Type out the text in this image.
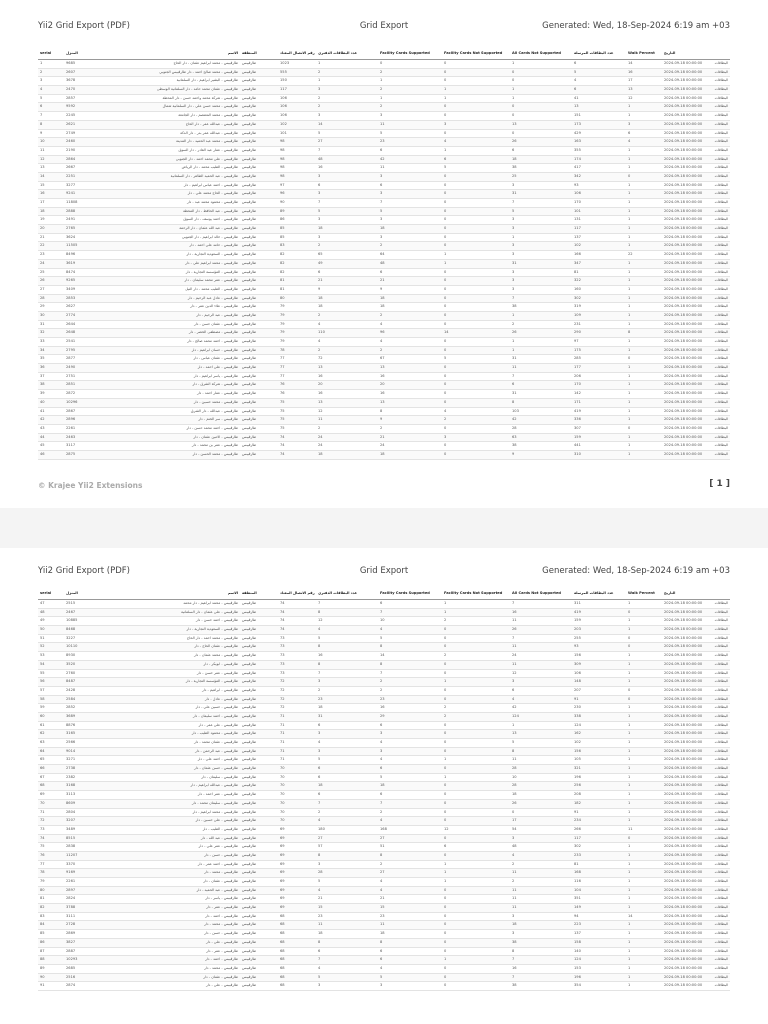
Yii2 Grid Export (PDF)	Grid Export	Generated: Wed, 18-Sep-2024 6:19 am +03
serial	المنزل	الاسم	المنطقة	رقم الاتصال المعتاد	عدد البطاقات الدفتري	Facility Cards Supported	Facility Cards Not Supported	All Cards Not Supported	عدد البطاقات المرسلة	Walk Percent	التاريخ	
1	9685	طارقيبس - محمد ابراهيم عثمان - دار الحاج	طارقيبس	1023	1	0	0	1	6	14	2024-09-18 00:00:00	البطاقات
2	2607	طارقيبس - محمد صالح احمد - دار طارقيبس الجنوبي	طارقيبس	555	2	2	0	0	5	16	2024-09-18 00:00:00	البطاقات
3	3678	طارقيبس - البشير ابراهيم - دار السلمانية	طارقيبس	150	1	1	0	0	4	17	2024-09-18 00:00:00	البطاقات
4	2470	طارقيبس - عثمان محمد حامد - دار السلمانية الوسطى	طارقيبس	117	3	2	1	1	6	13	2024-09-18 00:00:00	البطاقات
5	2857	طارقيبس - شركة محمد واحمد حسن - دار المحطة	طارقيبس	106	2	1	1	1	41	12	2024-09-18 00:00:00	البطاقات
6	9592	طارقيبس - محمد حسن علي - دار السلمانية شمال	طارقيبس	106	2	2	0	0	13	1	2024-09-18 00:00:00	البطاقات
7	2245	طارقيبس - محمد المعتصم - دار الجامعة	طارقيبس	106	3	3	0	0	151	1	2024-09-18 00:00:00	البطاقات
8	2621	طارقيبس - عبدالله عمر - دار الحاج	طارقيبس	102	14	11	3	13	173	3	2024-09-18 00:00:00	البطاقات
9	2749	طارقيبس - عبدالله عمر بدر - دار الدكة	طارقيبس	101	5	5	0	0	429	6	2024-09-18 00:00:00	البطاقات
10	2460	طارقيبس - محمد عبد الحميد - دار المدينة	طارقيبس	98	27	23	4	26	163	4	2024-09-18 00:00:00	البطاقات
11	2190	طارقيبس - عمار عبد القادر - دار السوق	طارقيبس	98	7	6	1	6	355	1	2024-09-18 00:00:00	البطاقات
12	2864	طارقيبس - علي محمد احمد - دار الجنوبي	طارقيبس	98	48	42	6	18	174	1	2024-09-18 00:00:00	البطاقات
13	2667	طارقيبس - الطيب محمد - دار الرياض	طارقيبس	98	16	11	5	38	417	1	2024-09-18 00:00:00	البطاقات
14	2251	طارقيبس - عبد الحميد الطاهر - دار السلمانية	طارقيبس	98	3	3	0	25	342	0	2024-09-18 00:00:00	البطاقات
15	3277	طارقيبس - احمد عباس ابراهيم - دار	طارقيبس	97	6	6	0	3	93	1	2024-09-18 00:00:00	البطاقات
16	9241	طارقيبس - الحاج محمد علي - دار	طارقيبس	96	3	3	0	31	106	1	2024-09-18 00:00:00	البطاقات
17	11808	طارقيبس - محمود محمد عبد - دار	طارقيبس	90	7	7	0	7	170	1	2024-09-18 00:00:00	البطاقات
18	2888	طارقيبس - عبد الحافظ - دار المحطة	طارقيبس	89	5	5	0	5	101	1	2024-09-18 00:00:00	البطاقات
19	2491	طارقيبس - احمد يوسف - دار السوق	طارقيبس	86	3	3	0	3	131	1	2024-09-18 00:00:00	البطاقات
20	2765	طارقيبس - عبد الله عثمان - دار الرحمة	طارقيبس	85	18	18	0	3	117	1	2024-09-18 00:00:00	البطاقات
21	3624	طارقيبس - خالد ابراهيم - دار الجنوبي	طارقيبس	85	3	3	0	1	137	1	2024-09-18 00:00:00	البطاقات
22	11505	طارقيبس - حامد علي احمد - دار	طارقيبس	83	2	2	0	3	102	1	2024-09-18 00:00:00	البطاقات
23	8496	طارقيبس - السعودية التجارية - دار	طارقيبس	82	65	64	1	3	166	22	2024-09-18 00:00:00	البطاقات
24	3619	طارقيبس - محمد ابراهيم علي - دار	طارقيبس	82	49	48	1	31	347	1	2024-09-18 00:00:00	البطاقات
25	8474	طارقيبس - المؤسسة التجارية - دار	طارقيبس	82	6	6	0	3	81	1	2024-09-18 00:00:00	البطاقات
26	9265	طارقيبس - عمر محمد سليمان - دار	طارقيبس	81	21	21	0	3	322	1	2024-09-18 00:00:00	البطاقات
27	3409	طارقيبس - الطيب محمد - دار النيل	طارقيبس	81	9	9	0	3	160	1	2024-09-18 00:00:00	البطاقات
28	2853	طارقيبس - عادل عبد الرحيم - دار	طارقيبس	80	18	18	0	7	302	1	2024-09-18 00:00:00	البطاقات
29	2627	طارقيبس - علاء الدين عمر - دار	طارقيبس	79	18	18	0	38	319	1	2024-09-18 00:00:00	البطاقات
30	2774	طارقيبس - عبد الرحيم - دار	طارقيبس	79	2	2	0	1	109	1	2024-09-18 00:00:00	البطاقات
31	2644	طارقيبس - عثمان حسن - دار	طارقيبس	79	4	4	0	2	231	1	2024-09-18 00:00:00	البطاقات
32	2648	طارقيبس - مصطفى الخضر - دار	طارقيبس	79	110	96	14	26	290	8	2024-09-18 00:00:00	البطاقات
33	2541	طارقيبس - احمد محمد صالح - دار	طارقيبس	79	4	4	0	1	97	1	2024-09-18 00:00:00	البطاقات
34	2795	طارقيبس - حسان ابراهيم - دار	طارقيبس	78	2	2	0	1	175	1	2024-09-18 00:00:00	البطاقات
35	2877	طارقيبس - عثمان عباس - دار	طارقيبس	77	72	67	5	31	285	0	2024-09-18 00:00:00	البطاقات
36	2490	طارقيبس - علي احمد - دار	طارقيبس	77	13	13	0	11	177	1	2024-09-18 00:00:00	البطاقات
37	2751	طارقيبس - ياسر ابراهيم - دار	طارقيبس	77	16	16	0	7	206	1	2024-09-18 00:00:00	البطاقات
38	2851	طارقيبس - شركة الشرق - دار	طارقيبس	76	20	20	0	6	170	1	2024-09-18 00:00:00	البطاقات
39	2872	طارقيبس - عمار احمد - دار	طارقيبس	76	16	16	0	31	142	1	2024-09-18 00:00:00	البطاقات
40	10296	طارقيبس - محمد حسين - دار	طارقيبس	75	13	13	0	8	171	1	2024-09-18 00:00:00	البطاقات
41	2867	طارقيبس - عبدالله - دار الشرق	طارقيبس	75	12	8	4	103	419	1	2024-09-18 00:00:00	البطاقات
42	2896	طارقيبس - سر الختم - دار	طارقيبس	75	11	9	2	42	336	1	2024-09-18 00:00:00	البطاقات
43	2261	طارقيبس - احمد محمد حسن - دار	طارقيبس	75	2	2	0	28	307	0	2024-09-18 00:00:00	البطاقات
44	2463	طارقيبس - الامين عثمان - دار	طارقيبس	74	24	21	3	63	159	1	2024-09-18 00:00:00	البطاقات
45	3117	طارقيبس - عمر بن محمد - دار	طارقيبس	74	24	24	0	38	441	1	2024-09-18 00:00:00	البطاقات
46	2875	طارقيبس - محمد الحسن - دار	طارقيبس	74	18	18	0	9	310	1	2024-09-18 00:00:00	البطاقات
© Krajee Yii2 Extensions	[ 1 ]
Yii2 Grid Export (PDF)	Grid Export	Generated: Wed, 18-Sep-2024 6:19 am +03
serial	المنزل	الاسم	المنطقة	رقم الاتصال المعتاد	عدد البطاقات الدفتري	Facility Cards Supported	Facility Cards Not Supported	All Cards Not Supported	عدد البطاقات المرسلة	Walk Percent	التاريخ	
47	2515	طارقيبس - محمد ابراهيم - دار محمد	طارقيبس	74	7	6	1	7	311	1	2024-09-18 00:00:00	البطاقات
48	2467	طارقيبس - علي عثمان - دار السلمانية	طارقيبس	74	8	7	1	16	419	0	2024-09-18 00:00:00	البطاقات
49	10885	طارقيبس - احمد حسن - دار	طارقيبس	74	12	10	2	11	159	1	2024-09-18 00:00:00	البطاقات
50	8468	طارقيبس - السعودية التجارية - دار	طارقيبس	74	4	4	0	26	203	1	2024-09-18 00:00:00	البطاقات
51	3227	طارقيبس - محمد احمد - دار الحاج	طارقيبس	73	5	5	0	7	255	0	2024-09-18 00:00:00	البطاقات
52	10110	طارقيبس - عثمان الحاج - دار	طارقيبس	73	8	8	0	11	93	0	2024-09-18 00:00:00	البطاقات
53	8930	طارقيبس - محمد عثمان - دار	طارقيبس	73	16	14	2	24	156	1	2024-09-18 00:00:00	البطاقات
54	3520	طارقيبس - ابوبكر - دار	طارقيبس	73	8	8	0	11	309	1	2024-09-18 00:00:00	البطاقات
55	2760	طارقيبس - عمر حسن - دار	طارقيبس	73	7	7	0	12	106	1	2024-09-18 00:00:00	البطاقات
56	8487	طارقيبس - المؤسسة التجارية - دار	طارقيبس	72	3	2	1	3	148	1	2024-09-18 00:00:00	البطاقات
57	2428	طارقيبس - ابراهيم - دار	طارقيبس	72	2	2	0	6	207	0	2024-09-18 00:00:00	البطاقات
58	2584	طارقيبس - عادل - دار	طارقيبس	72	23	23	0	4	91	0	2024-09-18 00:00:00	البطاقات
59	2852	طارقيبس - حسين علي - دار	طارقيبس	72	18	16	2	42	230	1	2024-09-18 00:00:00	البطاقات
60	3689	طارقيبس - احمد سليمان - دار	طارقيبس	71	31	29	2	124	338	1	2024-09-18 00:00:00	البطاقات
61	8876	طارقيبس - علي عمر - دار	طارقيبس	71	6	6	0	1	124	1	2024-09-18 00:00:00	البطاقات
62	3165	طارقيبس - محمود الطيب - دار	طارقيبس	71	3	3	0	13	162	1	2024-09-18 00:00:00	البطاقات
63	2566	طارقيبس - عثمان محمد - دار	طارقيبس	71	4	4	0	5	102	1	2024-09-18 00:00:00	البطاقات
64	9014	طارقيبس - عبد الرحمن - دار	طارقيبس	71	3	3	0	8	156	1	2024-09-18 00:00:00	البطاقات
65	3271	طارقيبس - احمد علي - دار	طارقيبس	71	5	4	1	11	105	1	2024-09-18 00:00:00	البطاقات
66	2738	طارقيبس - حسن عثمان - دار	طارقيبس	70	6	6	0	28	321	1	2024-09-18 00:00:00	البطاقات
67	2382	طارقيبس - سليمان - دار	طارقيبس	70	6	5	1	10	196	1	2024-09-18 00:00:00	البطاقات
68	3168	طارقيبس - عبدالله ابراهيم - دار	طارقيبس	70	18	18	0	28	256	1	2024-09-18 00:00:00	البطاقات
69	3113	طارقيبس - عمر احمد - دار	طارقيبس	70	6	6	0	18	208	1	2024-09-18 00:00:00	البطاقات
70	8609	طارقيبس - سليمان محمد - دار	طارقيبس	70	7	7	0	26	182	1	2024-09-18 00:00:00	البطاقات
71	2804	طارقيبس - محمد ابراهيم - دار	طارقيبس	70	2	2	0	0	91	1	2024-09-18 00:00:00	البطاقات
72	3207	طارقيبس - علي حسين - دار	طارقيبس	70	4	4	0	17	234	1	2024-09-18 00:00:00	البطاقات
73	3489	طارقيبس - الطيب - دار	طارقيبس	69	180	168	12	54	266	11	2024-09-18 00:00:00	البطاقات
74	8515	طارقيبس - عبد الله - دار	طارقيبس	69	27	27	0	3	117	0	2024-09-18 00:00:00	البطاقات
75	2838	طارقيبس - عمر علي - دار	طارقيبس	69	57	51	6	48	302	1	2024-09-18 00:00:00	البطاقات
76	11207	طارقيبس - حسن - دار	طارقيبس	69	8	8	0	4	233	1	2024-09-18 00:00:00	البطاقات
77	3370	طارقيبس - احمد عمر - دار	طارقيبس	69	3	2	1	2	81	1	2024-09-18 00:00:00	البطاقات
78	9169	طارقيبس - محمد - دار	طارقيبس	69	28	27	1	11	168	1	2024-09-18 00:00:00	البطاقات
79	2261	طارقيبس - عثمان - دار	طارقيبس	69	5	4	1	2	116	1	2024-09-18 00:00:00	البطاقات
80	2897	طارقيبس - عبد الحميد - دار	طارقيبس	69	4	4	0	11	104	1	2024-09-18 00:00:00	البطاقات
81	2824	طارقيبس - ياسر - دار	طارقيبس	69	21	21	0	11	351	1	2024-09-18 00:00:00	البطاقات
82	3788	طارقيبس - عمر - دار	طارقيبس	69	15	15	0	11	149	1	2024-09-18 00:00:00	البطاقات
83	3111	طارقيبس - احمد - دار	طارقيبس	68	23	23	0	3	94	14	2024-09-18 00:00:00	البطاقات
84	2728	طارقيبس - محمد - دار	طارقيبس	68	11	11	0	18	223	1	2024-09-18 00:00:00	البطاقات
85	2869	طارقيبس - حسن - دار	طارقيبس	68	18	18	0	3	137	1	2024-09-18 00:00:00	البطاقات
86	3827	طارقيبس - علي - دار	طارقيبس	68	8	8	0	38	158	1	2024-09-18 00:00:00	البطاقات
87	2887	طارقيبس - عمر - دار	طارقيبس	68	6	6	0	8	140	1	2024-09-18 00:00:00	البطاقات
88	10293	طارقيبس - احمد - دار	طارقيبس	68	7	6	1	7	124	1	2024-09-18 00:00:00	البطاقات
89	2685	طارقيبس - محمد - دار	طارقيبس	68	4	4	0	16	153	1	2024-09-18 00:00:00	البطاقات
90	2516	طارقيبس - عثمان - دار	طارقيبس	68	5	5	0	7	196	1	2024-09-18 00:00:00	البطاقات
91	2874	طارقيبس - علي - دار	طارقيبس	68	3	3	0	38	354	1	2024-09-18 00:00:00	البطاقات
